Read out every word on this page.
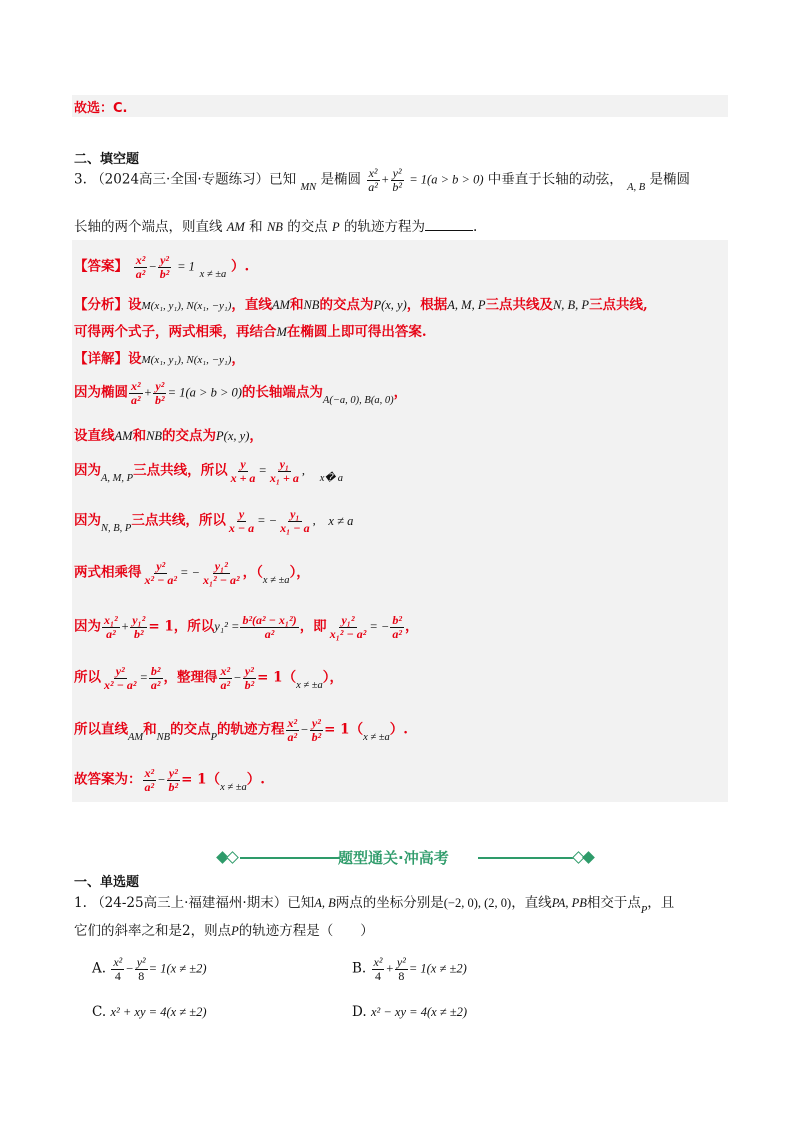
故选：C.
二、填空题
3. （2024高三·全国·专题练习）已知 $_{MN}$ 是椭圆 $\frac{\text{x²}}{\text{a²}} + \frac{\text{y²}}{\text{b²}} = 1(a > b > 0)$ 中垂直于长轴的动弦， $_{A, B}$ 是椭圆
长轴的两个端点，则直线 AM 和 NB 的交点 P 的轨迹方程为	.
【答案】 $\frac{\text{x²}}{\text{a²}} - \frac{\text{y²}}{\text{b²}} = 1$ $_{x \ne \pm a}$ ）.
【分析】设M(x₁, y₁), N(x₁, −y₁)，直线AM和NB的交点为P(x, y)，根据A, M, P三点共线及N, B, P三点共线,
可得两个式子，两式相乘，再结合M在椭圆上即可得出答案.
【详解】设M(x₁, y₁), N(x₁, −y₁)，
因为椭圆 $\frac{\text{x²}}{\text{a²}} + \frac{\text{y²}}{\text{b²}} = 1(a > b > 0)$的长轴端点为$_{A(-a, 0), B(a, 0)}$，
设直线AM和NB的交点为P(x, y)，
因为$_{A, M, P}$三点共线，所以 $\frac{y}{x + a} = \frac{\text{y₁}}{\text{x₁ + a}}$ , $_{x� a}$
因为$_{N, B, P}$三点共线，所以 $\frac{y}{x - a}$ = − $\frac{\text{y₁}}{\text{x₁ − a}}$ , x ≠ a
两式相乘得 $\frac{\text{y²}}{\text{x² − a²}}$ = − $\frac{\text{y₁²}}{\text{x₁² − a²}}$ ，$(_{x \ne \pm a})$，
因为 $\frac{\text{x₁²}}{\text{a²}} + \frac{\text{y₁²}}{\text{b²}} = 1$，所以$y_1^2 = \frac{\text{b²(a² − x₁²)}}{\text{a²}}$ ，即 $\frac{\text{y₁²}}{\text{x₁² − a²}}$ = − $\frac{\text{b²}}{\text{a²}}$ ，
所以 $\frac{\text{y²}}{\text{x² − a²}} = \frac{\text{b²}}{\text{a²}}$ ，整理得 $\frac{\text{x²}}{\text{a²}} - \frac{\text{y²}}{\text{b²}} = 1(_{x \ne \pm a})$，
所以直线$_{AM}$和$_{NB}$的交点$_P$的轨迹方程 $\frac{\text{x²}}{\text{a²}} - \frac{\text{y²}}{\text{b²}} = 1(_{x \ne \pm a})$.
故答案为： $\frac{\text{x²}}{\text{a²}} - \frac{\text{y²}}{\text{b²}} = 1(_{x \ne \pm a})$.
题型通关·冲高考
一、单选题
1. （24-25高三上·福建福州·期末）已知A, B两点的坐标分别是(−2, 0), (2, 0)，直线PA, PB相交于点$_P$，且
它们的斜率之和是2，则点P的轨迹方程是（　　）
A. $\frac{\text{x²}}{4} - \frac{\text{y²}}{8} = 1(x \ne \pm 2)$	B. $\frac{\text{x²}}{4} + \frac{\text{y²}}{8} = 1(x \ne \pm 2)$
C. x² + xy = 4(x ≠ ±2)	D. x² − xy = 4(x ≠ ±2)
